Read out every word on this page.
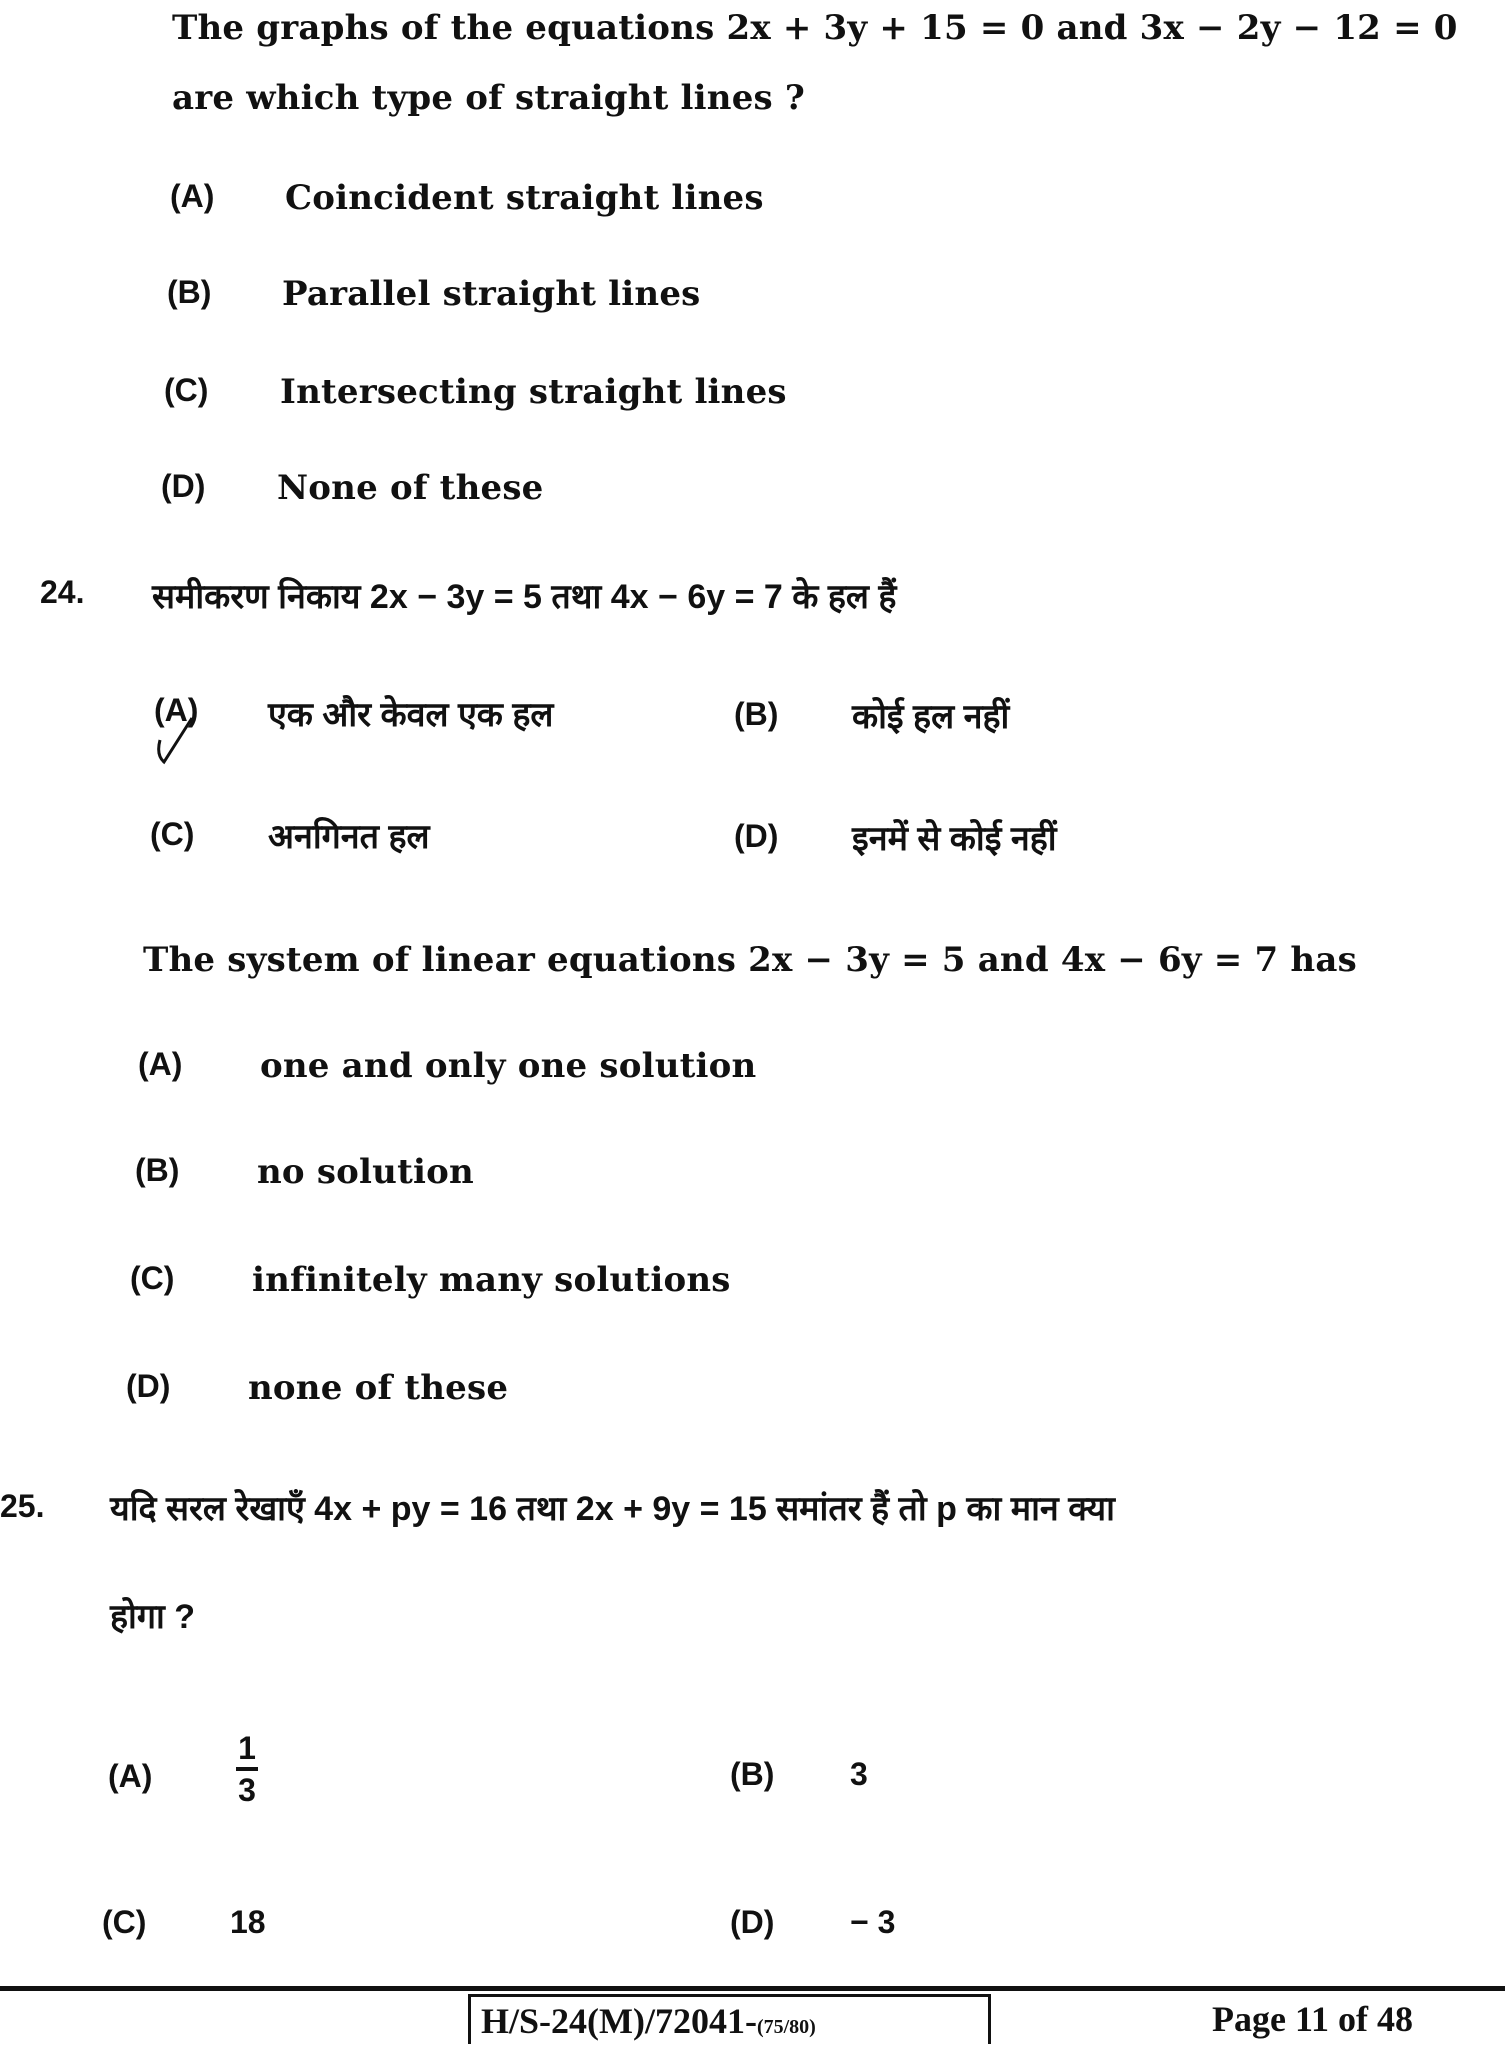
The graphs of the equations 2x + 3y + 15 = 0 and 3x − 2y − 12 = 0
are which type of straight lines ?
(A) Coincident straight lines
(B) Parallel straight lines
(C) Intersecting straight lines
(D) None of these
24. समीकरण निकाय 2x − 3y = 5 तथा 4x − 6y = 7 के हल हैं
(A) एक और केवल एक हल	(B) कोई हल नहीं
(C) अनगिनत हल	(D) इनमें से कोई नहीं
The system of linear equations 2x − 3y = 5 and 4x − 6y = 7 has
(A) one and only one solution
(B) no solution
(C) infinitely many solutions
(D) none of these
25. यदि सरल रेखाएँ 4x + py = 16 तथा 2x + 9y = 15 समांतर हैं तो p का मान क्या
होगा ?
(A)	$\frac{1}{3}$	(B) 3
(C)	18	(D) − 3
H/S-24(M)/72041-(75/80)	Page 11 of 48
